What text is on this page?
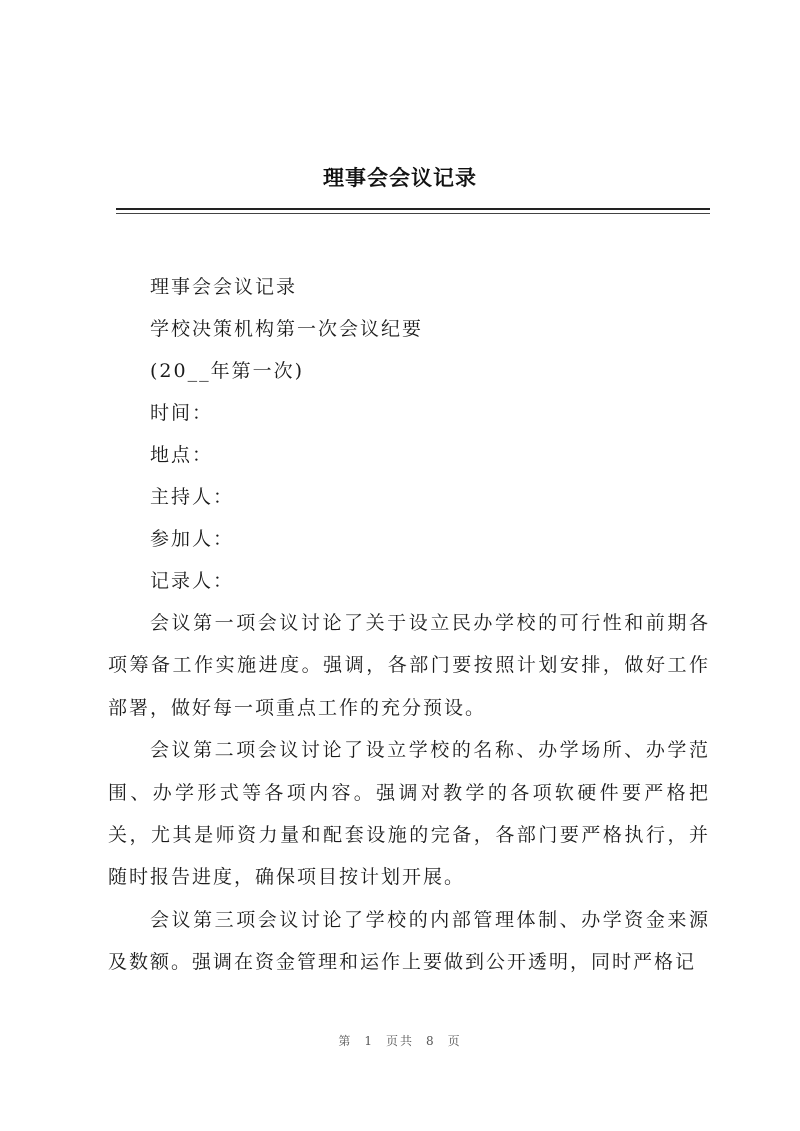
理事会会议记录
理事会会议记录
学校决策机构第一次会议纪要
(20__年第一次)
时间：
地点：
主持人：
参加人：
记录人：

会议第一项会议讨论了关于设立民办学校的可行性和前期各项筹备工作实施进度。强调，各部门要按照计划安排，做好工作部署，做好每一项重点工作的充分预设。

会议第二项会议讨论了设立学校的名称、办学场所、办学范围、办学形式等各项内容。强调对教学的各项软硬件要严格把关，尤其是师资力量和配套设施的完备，各部门要严格执行，并随时报告进度，确保项目按计划开展。

会议第三项会议讨论了学校的内部管理体制、办学资金来源及数额。强调在资金管理和运作上要做到公开透明，同时严格记

第 1 页共 8 页
